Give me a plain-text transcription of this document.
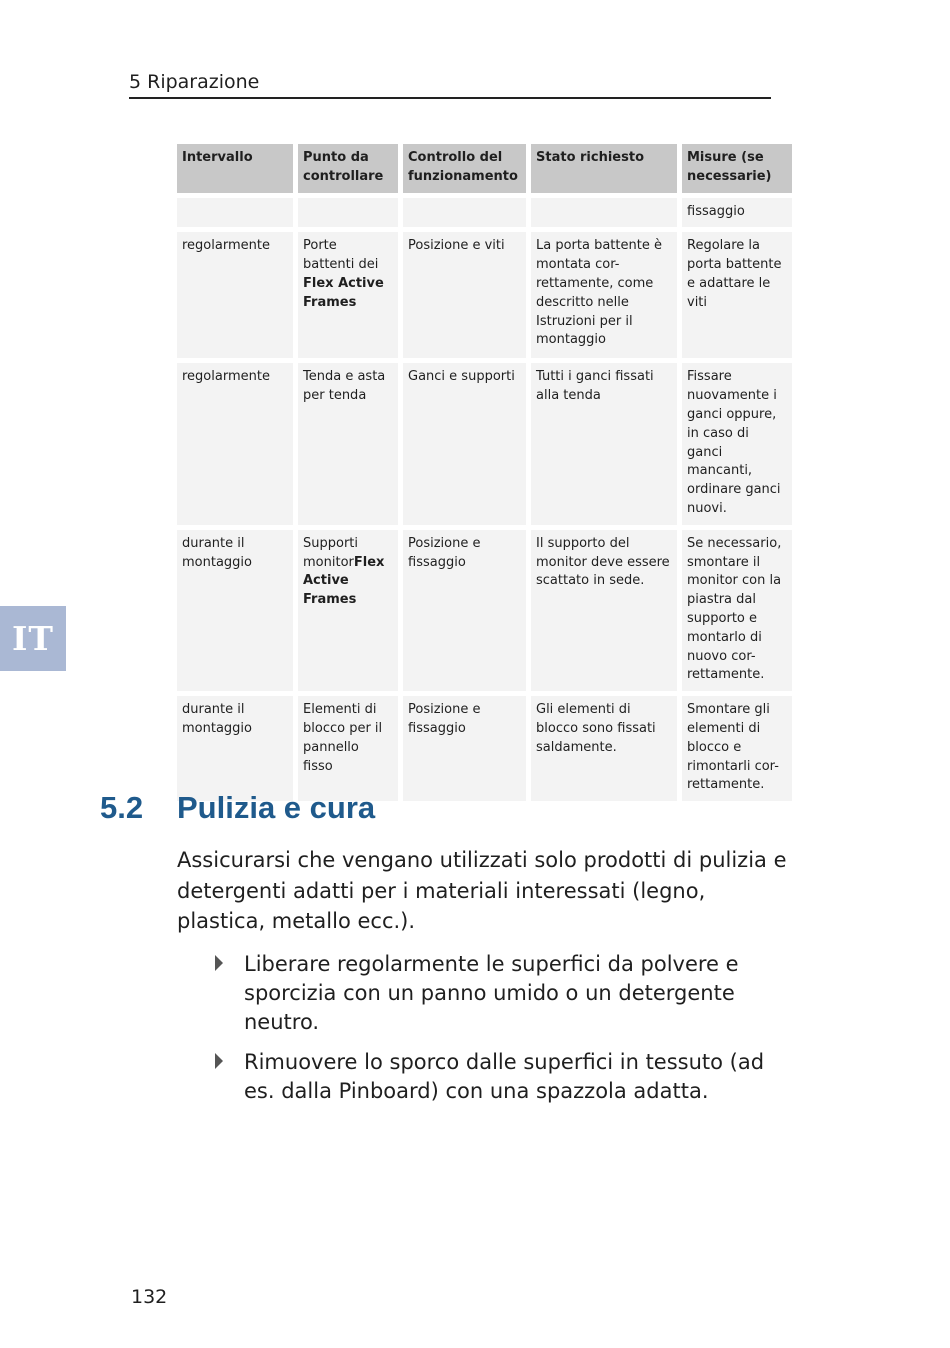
5 Riparazione
IT
Intervallo	Punto da controllare	Controllo del funzionamento	Stato richiesto	Misure (se necessarie)
				fissaggio
regolarmente	Porte battenti dei Flex Active Frames	Posizione e viti	La porta battente è montata cor-rettamente, come descritto nelle Istruzioni per il montaggio	Regolare la porta battente e adattare le viti
regolarmente	Tenda e asta per tenda	Ganci e supporti	Tutti i ganci fissati alla tenda	Fissare nuovamente i ganci oppure, in caso di ganci mancanti, ordinare ganci nuovi.
durante il montaggio	Supporti monitorFlex Active Frames	Posizione e fissaggio	Il supporto del monitor deve essere scattato in sede.	Se necessario, smontare il monitor con la piastra dal supporto e montarlo di nuovo cor-rettamente.
durante il montaggio	Elementi di blocco per il pannello fisso	Posizione e fissaggio	Gli elementi di blocco sono fissati saldamente.	Smontare gli elementi di blocco e rimontarli cor-rettamente.
5.2 Pulizia e cura

Assicurarsi che vengano utilizzati solo prodotti di pulizia e detergenti adatti per i materiali interessati (legno, plastica, metallo ecc.).

Liberare regolarmente le superfici da polvere e sporcizia con un panno umido o un detergente neutro.
Rimuovere lo sporco dalle superfici in tessuto (ad es. dalla Pinboard) con una spazzola adatta.
132
